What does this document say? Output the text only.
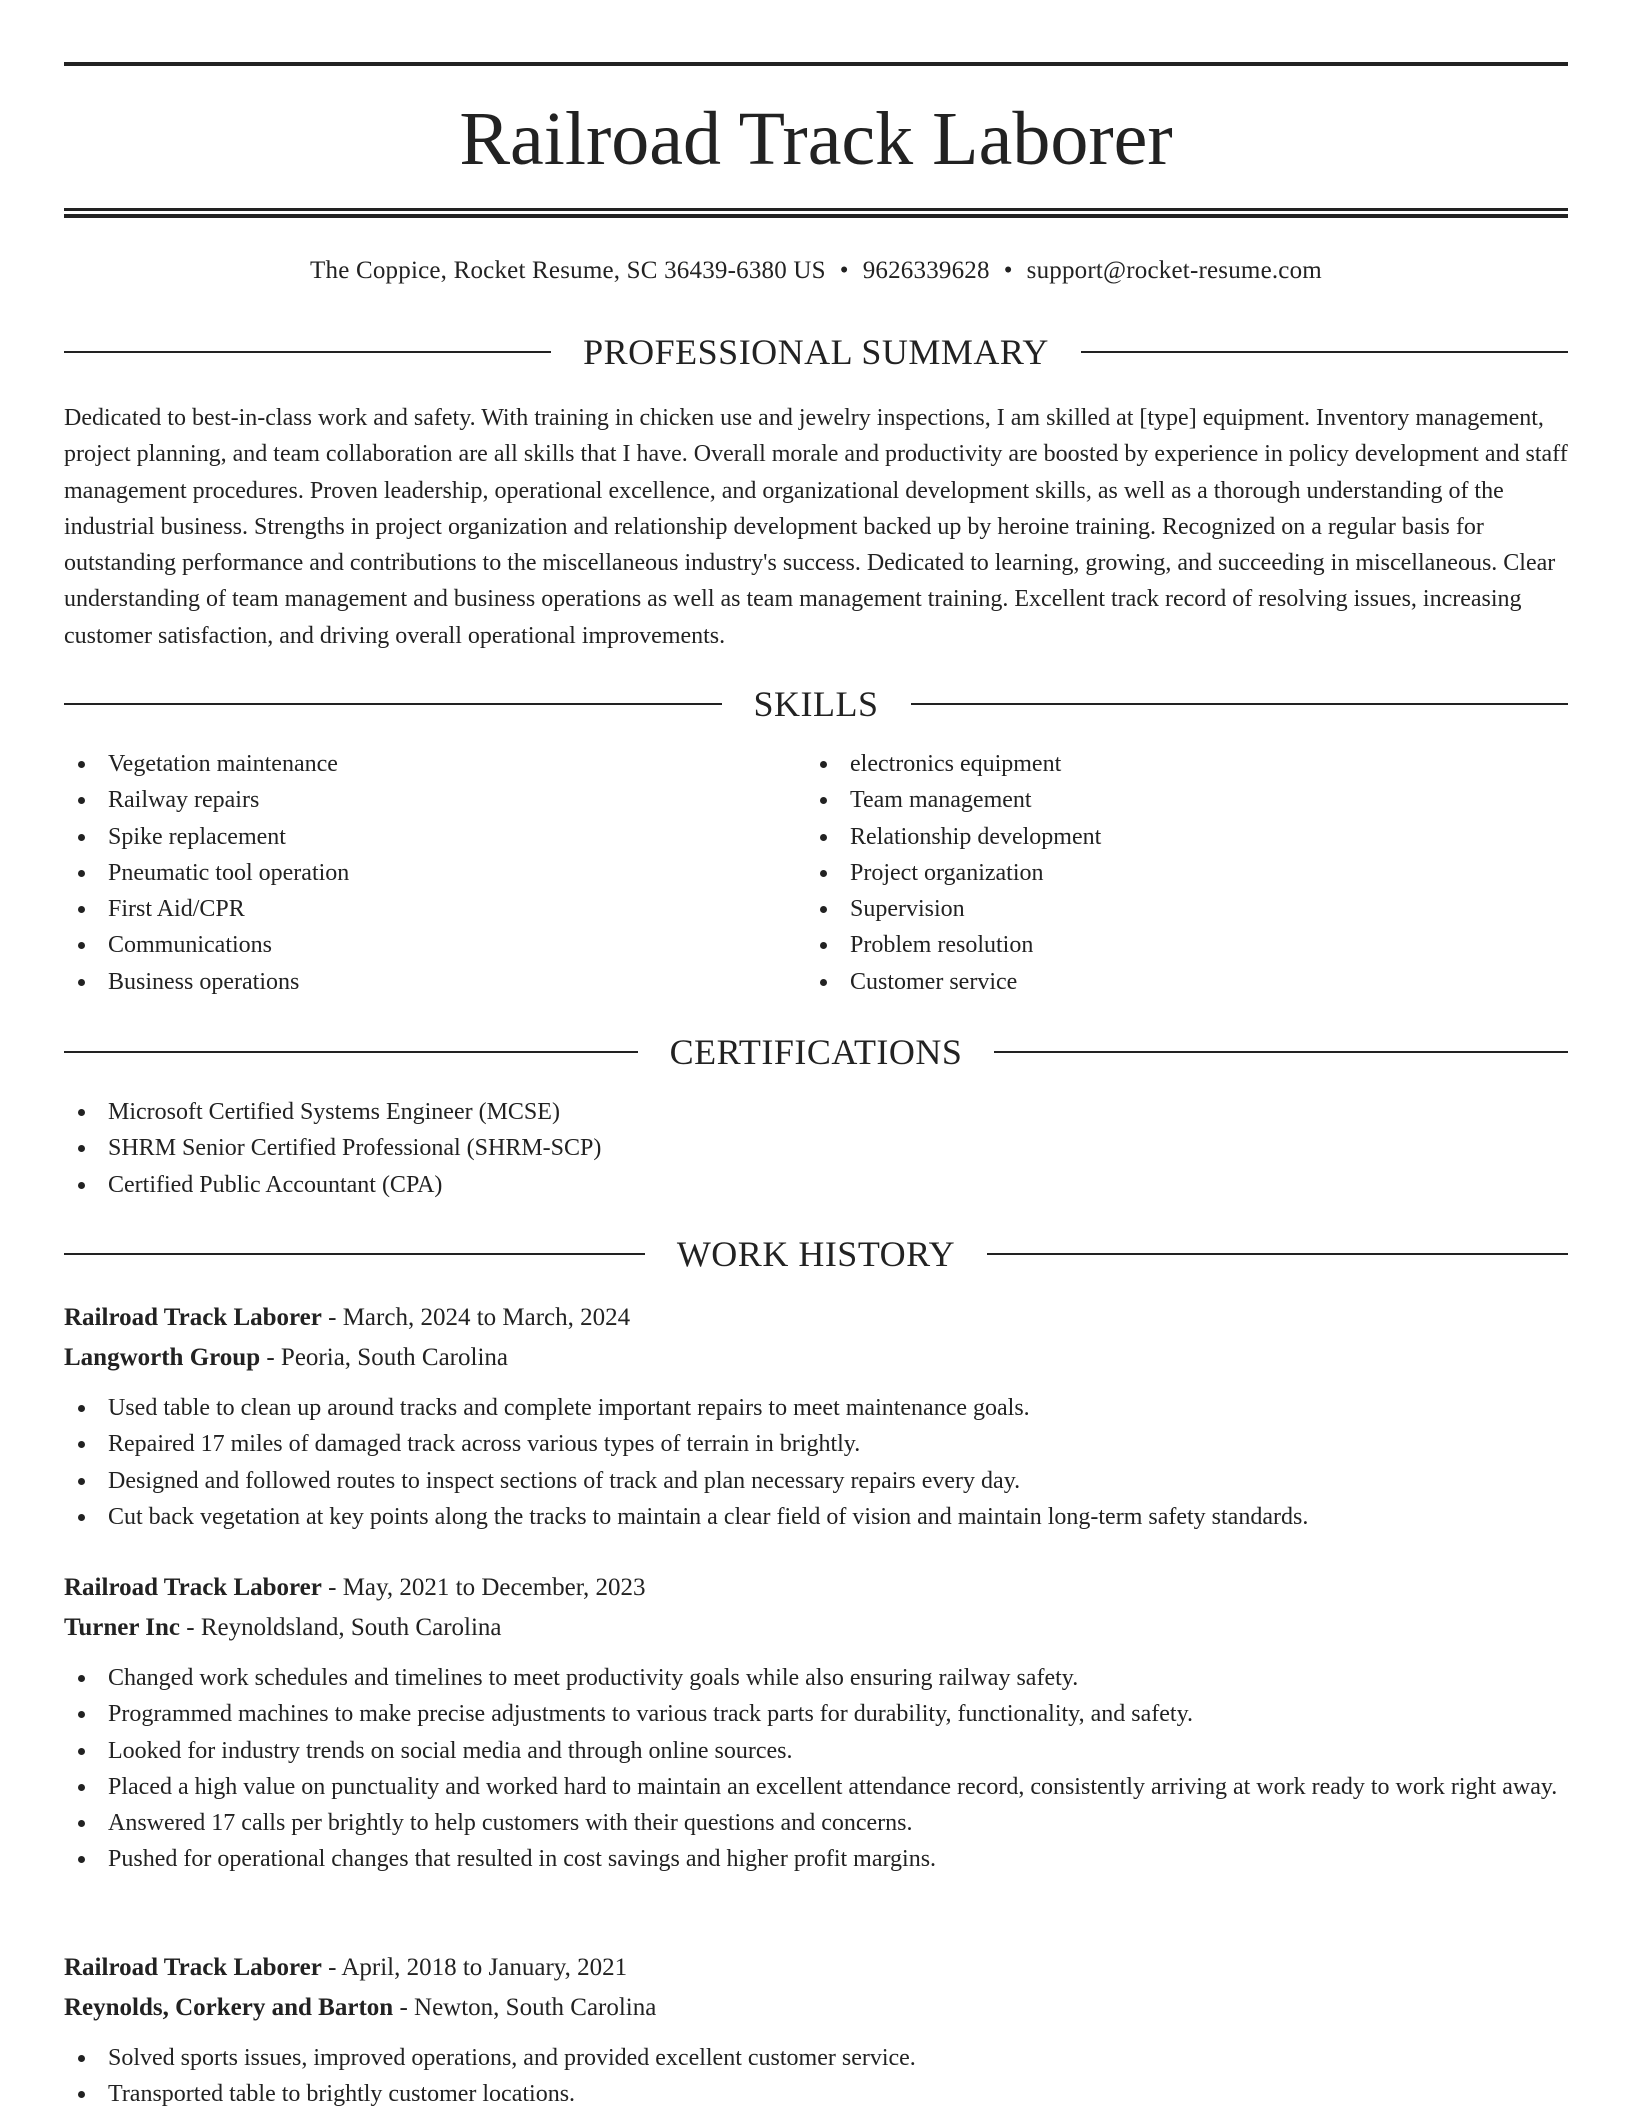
Railroad Track Laborer
The Coppice, Rocket Resume, SC 36439-6380 US • 9626339628 • support@rocket-resume.com
PROFESSIONAL SUMMARY

Dedicated to best-in-class work and safety. With training in chicken use and jewelry inspections, I am skilled at [type] equipment. Inventory management, project planning, and team collaboration are all skills that I have. Overall morale and productivity are boosted by experience in policy development and staff management procedures. Proven leadership, operational excellence, and organizational development skills, as well as a thorough understanding of the industrial business. Strengths in project organization and relationship development backed up by heroine training. Recognized on a regular basis for outstanding performance and contributions to the miscellaneous industry's success. Dedicated to learning, growing, and succeeding in miscellaneous. Clear understanding of team management and business operations as well as team management training. Excellent track record of resolving issues, increasing customer satisfaction, and driving overall operational improvements.

SKILLS
Vegetation maintenance
Railway repairs
Spike replacement
Pneumatic tool operation
First Aid/CPR
Communications
Business operations
electronics equipment
Team management
Relationship development
Project organization
Supervision
Problem resolution
Customer service
CERTIFICATIONS
Microsoft Certified Systems Engineer (MCSE)
SHRM Senior Certified Professional (SHRM-SCP)
Certified Public Accountant (CPA)
WORK HISTORY
Railroad Track Laborer - March, 2024 to March, 2024
Langworth Group - Peoria, South Carolina
Used table to clean up around tracks and complete important repairs to meet maintenance goals.
Repaired 17 miles of damaged track across various types of terrain in brightly.
Designed and followed routes to inspect sections of track and plan necessary repairs every day.
Cut back vegetation at key points along the tracks to maintain a clear field of vision and maintain long-term safety standards.
Railroad Track Laborer - May, 2021 to December, 2023
Turner Inc - Reynoldsland, South Carolina
Changed work schedules and timelines to meet productivity goals while also ensuring railway safety.
Programmed machines to make precise adjustments to various track parts for durability, functionality, and safety.
Looked for industry trends on social media and through online sources.
Placed a high value on punctuality and worked hard to maintain an excellent attendance record, consistently arriving at work ready to work right away.
Answered 17 calls per brightly to help customers with their questions and concerns.
Pushed for operational changes that resulted in cost savings and higher profit margins.
Railroad Track Laborer - April, 2018 to January, 2021
Reynolds, Corkery and Barton - Newton, South Carolina
Solved sports issues, improved operations, and provided excellent customer service.
Transported table to brightly customer locations.
